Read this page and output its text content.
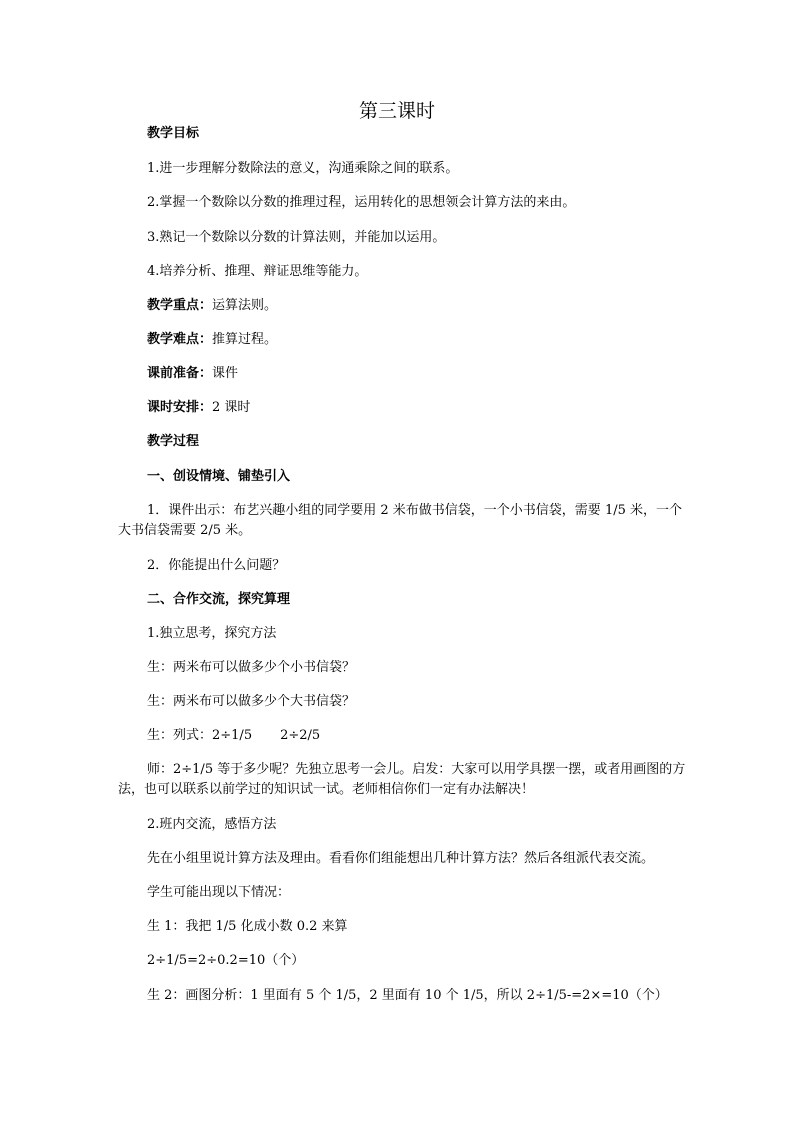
第三课时
教学目标
1.进一步理解分数除法的意义，沟通乘除之间的联系。
2.掌握一个数除以分数的推理过程，运用转化的思想领会计算方法的来由。
3.熟记一个数除以分数的计算法则，并能加以运用。
4.培养分析、推理、辩证思维等能力。
教学重点：运算法则。
教学难点：推算过程。
课前准备：课件
课时安排：2 课时
教学过程
一、创设情境、铺垫引入
1．课件出示：布艺兴趣小组的同学要用 2 米布做书信袋，一个小书信袋，需要 1/5 米，一个大书信袋需要 2/5 米。
2．你能提出什么问题？
二、合作交流，探究算理
1.独立思考，探究方法
生：两米布可以做多少个小书信袋？
生：两米布可以做多少个大书信袋？
生：列式：2÷1/5 2÷2/5
师：2÷1/5 等于多少呢？先独立思考一会儿。启发：大家可以用学具摆一摆，或者用画图的方法，也可以联系以前学过的知识试一试。老师相信你们一定有办法解决！
2.班内交流，感悟方法
先在小组里说计算方法及理由。看看你们组能想出几种计算方法？然后各组派代表交流。
学生可能出现以下情况：
生 1：我把 1/5 化成小数 0.2 来算
2÷1/5=2÷0.2=10（个）
生 2：画图分析：1 里面有 5 个 1/5，2 里面有 10 个 1/5，所以 2÷1/5-=2×=10（个）
